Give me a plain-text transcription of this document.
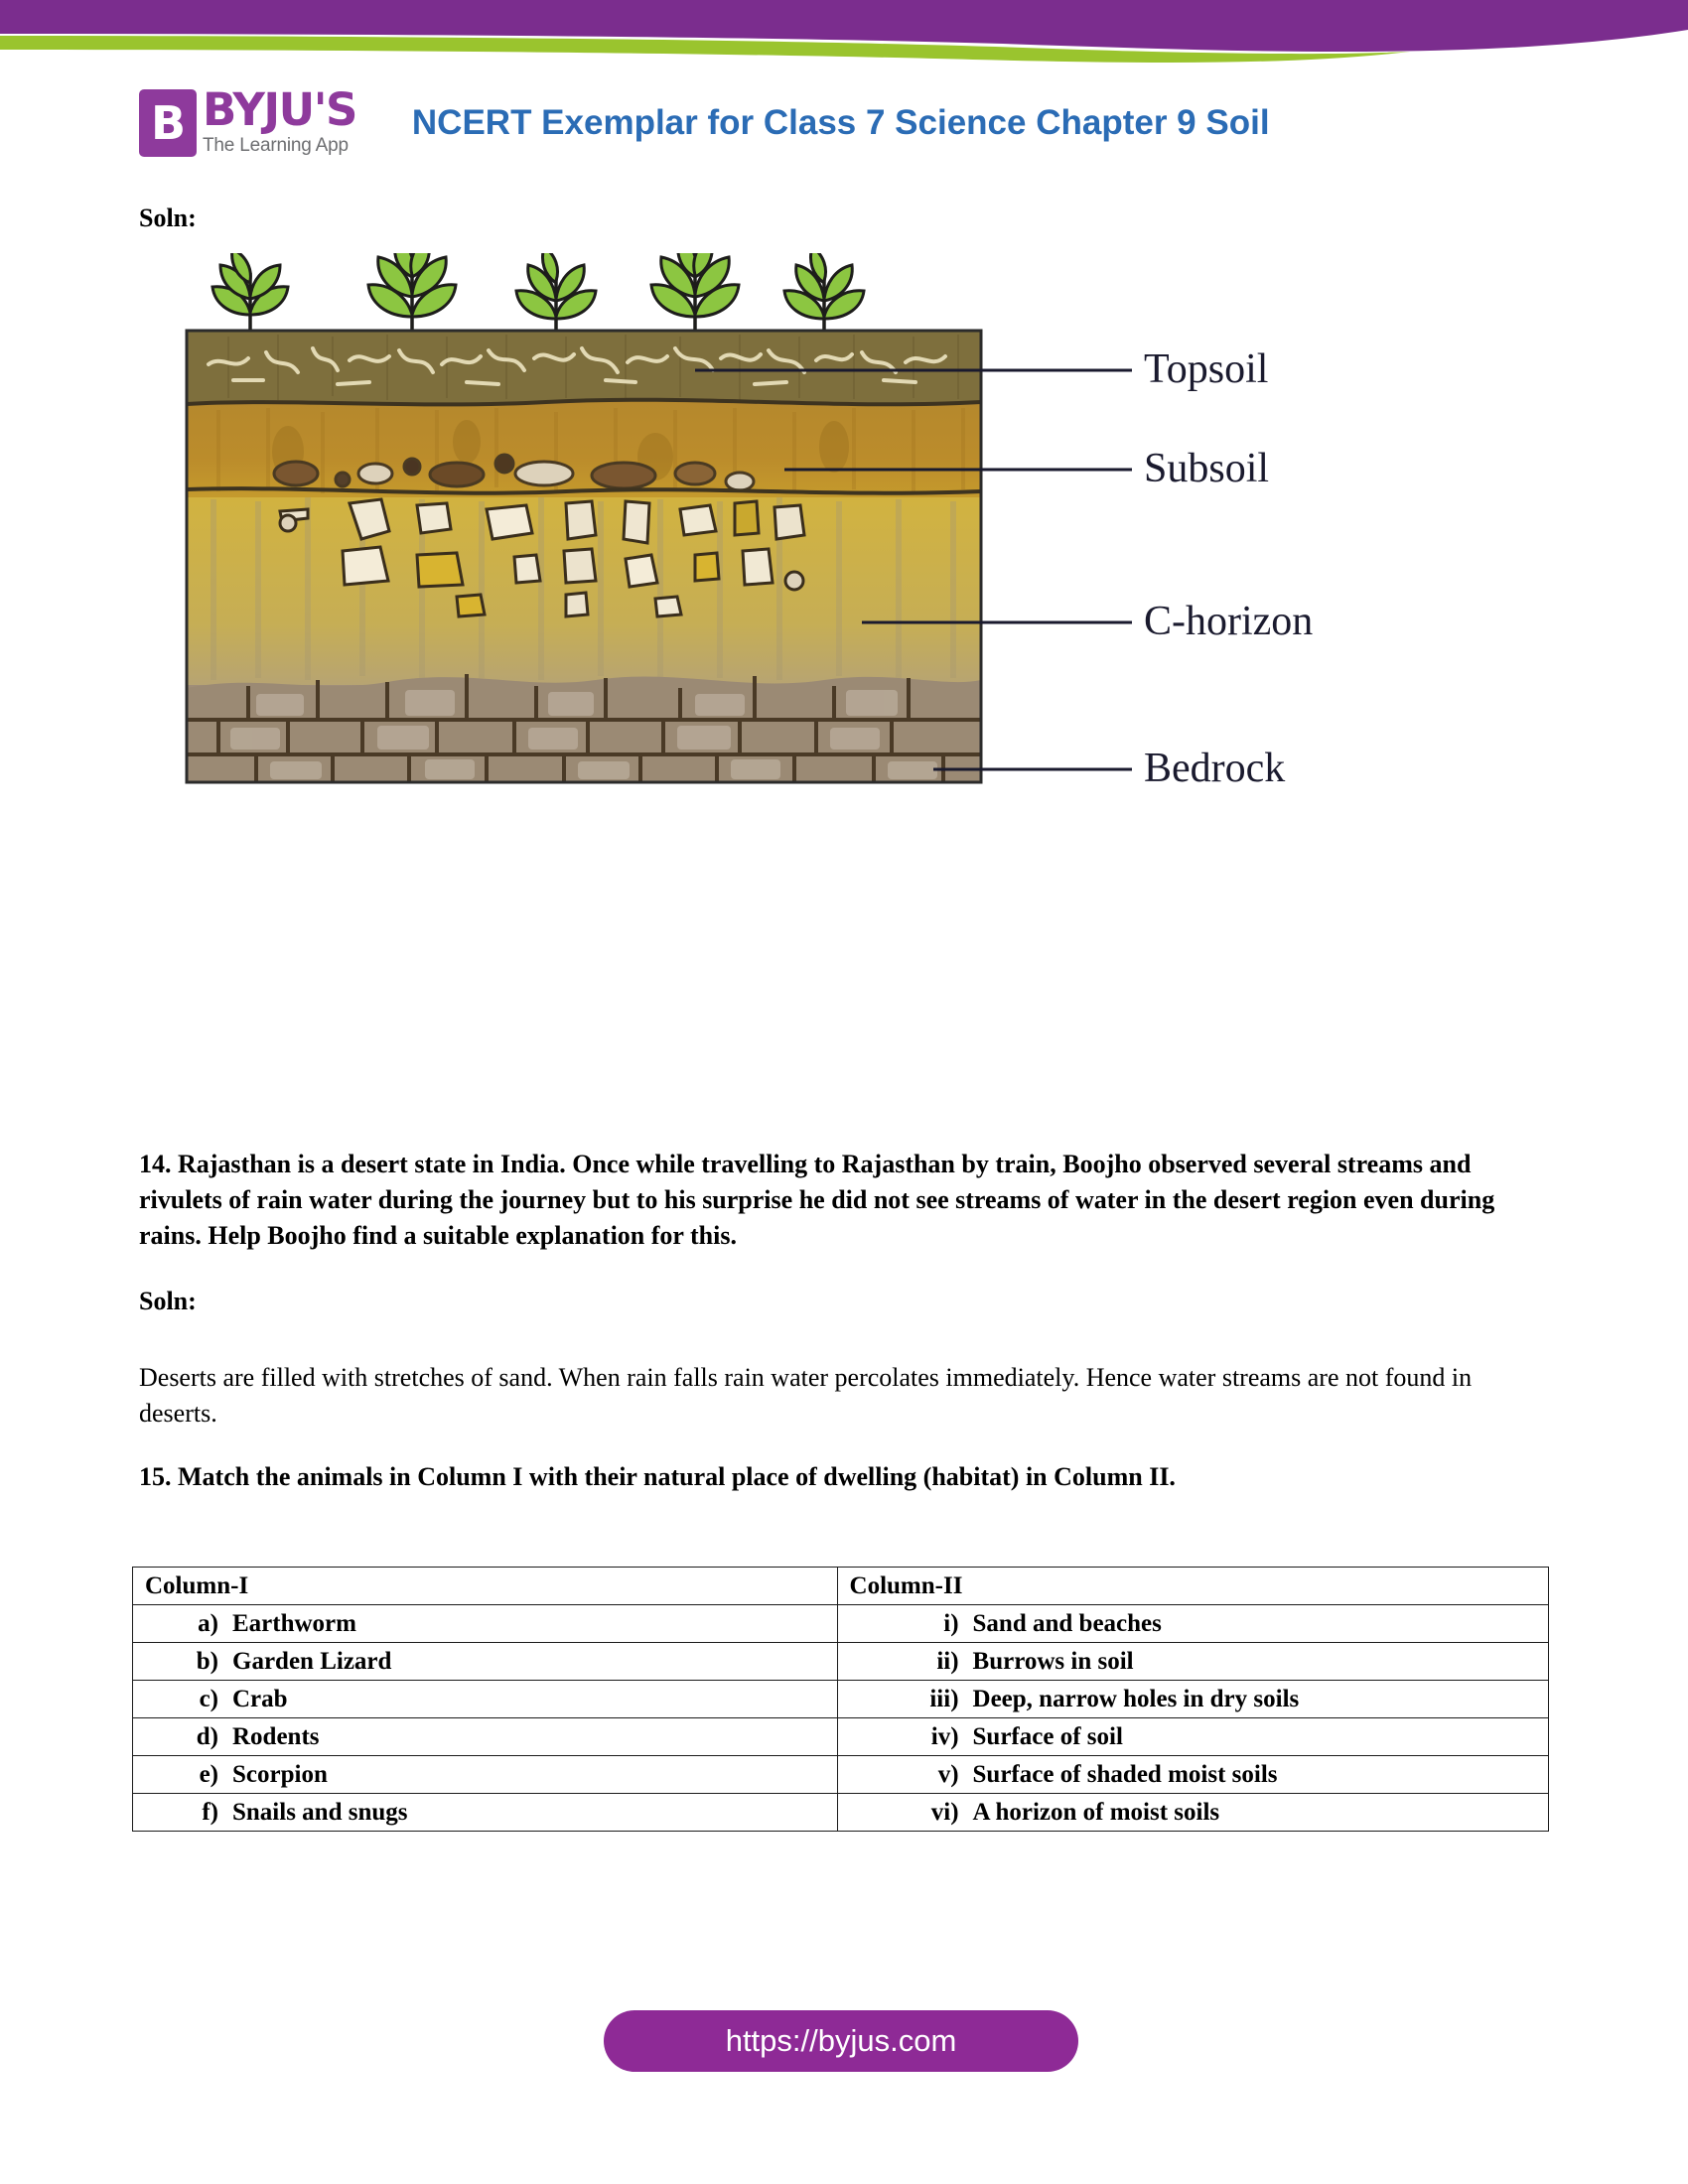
B BYJU'S
The Learning App
NCERT Exemplar for Class 7 Science Chapter 9 Soil
Soln:
Topsoil
Subsoil
C-horizon
Bedrock
14. Rajasthan is a desert state in India. Once while travelling to Rajasthan by train, Boojho observed several streams and rivulets of rain water during the journey but to his surprise he did not see streams of water in the desert region even during rains. Help Boojho find a suitable explanation for this.
Soln:
Deserts are filled with stretches of sand. When rain falls rain water percolates immediately. Hence water streams are not found in deserts.
15. Match the animals in Column I with their natural place of dwelling (habitat) in Column II.
Column-I	Column-II

a) Earthworm	i) Sand and beaches

b) Garden Lizard	ii) Burrows in soil

c) Crab	iii) Deep, narrow holes in dry soils

d) Rodents	iv) Surface of soil

e) Scorpion	v) Surface of shaded moist soils

f) Snails and snugs	vi) A horizon of moist soils
https://byjus.com
